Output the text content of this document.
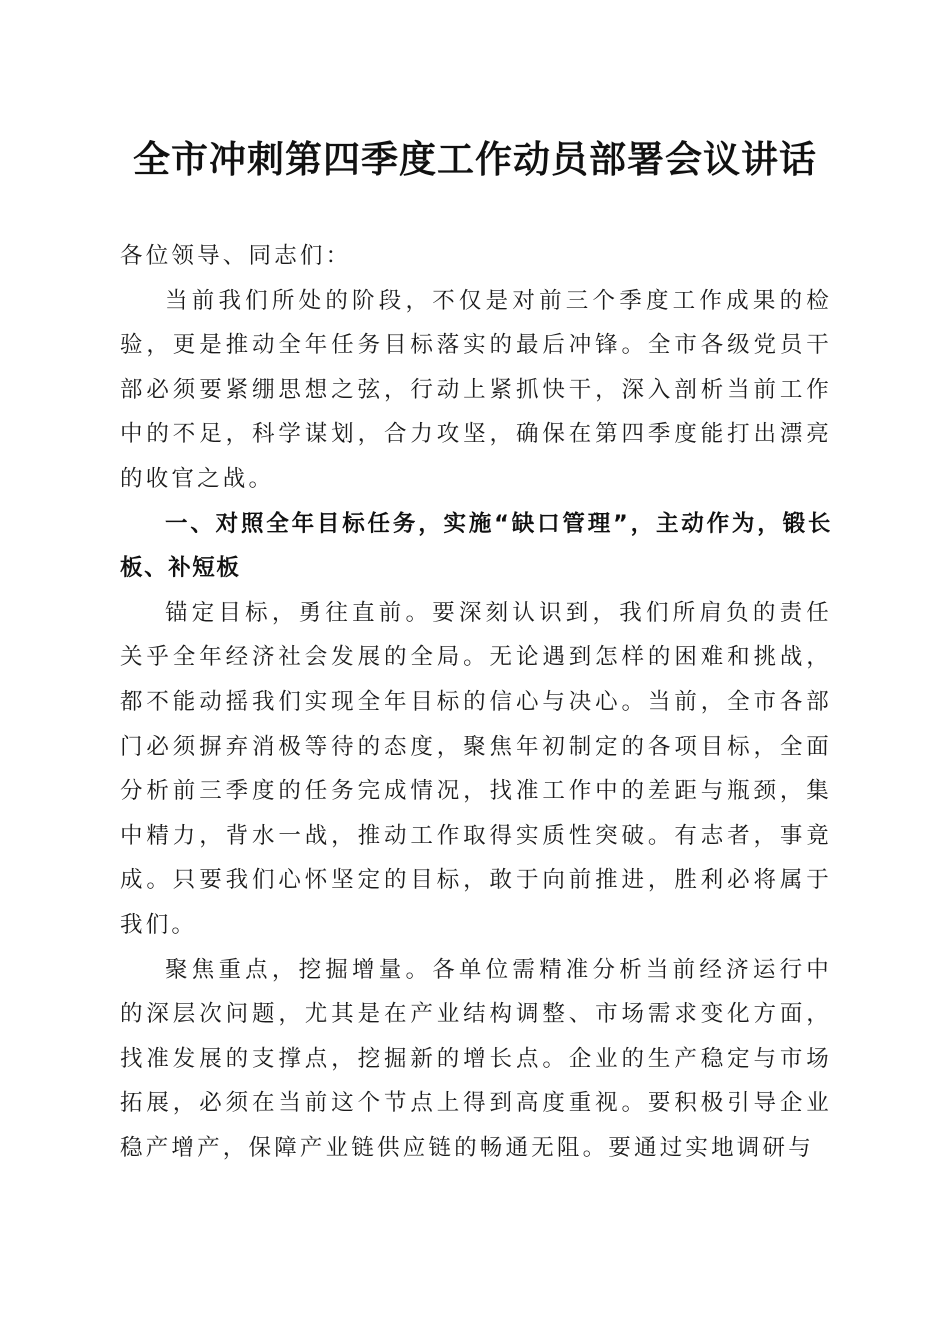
全市冲刺第四季度工作动员部署会议讲话

各位领导、同志们：

当前我们所处的阶段，不仅是对前三个季度工作成果的检验，更是推动全年任务目标落实的最后冲锋。全市各级党员干部必须要紧绷思想之弦，行动上紧抓快干，深入剖析当前工作中的不足，科学谋划，合力攻坚，确保在第四季度能打出漂亮的收官之战。

一、对照全年目标任务，实施“缺口管理”，主动作为，锻长板、补短板

锚定目标，勇往直前。要深刻认识到，我们所肩负的责任关乎全年经济社会发展的全局。无论遇到怎样的困难和挑战，都不能动摇我们实现全年目标的信心与决心。当前，全市各部门必须摒弃消极等待的态度，聚焦年初制定的各项目标，全面分析前三季度的任务完成情况，找准工作中的差距与瓶颈，集中精力，背水一战，推动工作取得实质性突破。有志者，事竟成。只要我们心怀坚定的目标，敢于向前推进，胜利必将属于我们。

聚焦重点，挖掘增量。各单位需精准分析当前经济运行中的深层次问题，尤其是在产业结构调整、市场需求变化方面，找准发展的支撑点，挖掘新的增长点。企业的生产稳定与市场拓展，必须在当前这个节点上得到高度重视。要积极引导企业稳产增产，保障产业链供应链的畅通无阻。要通过实地调研与
